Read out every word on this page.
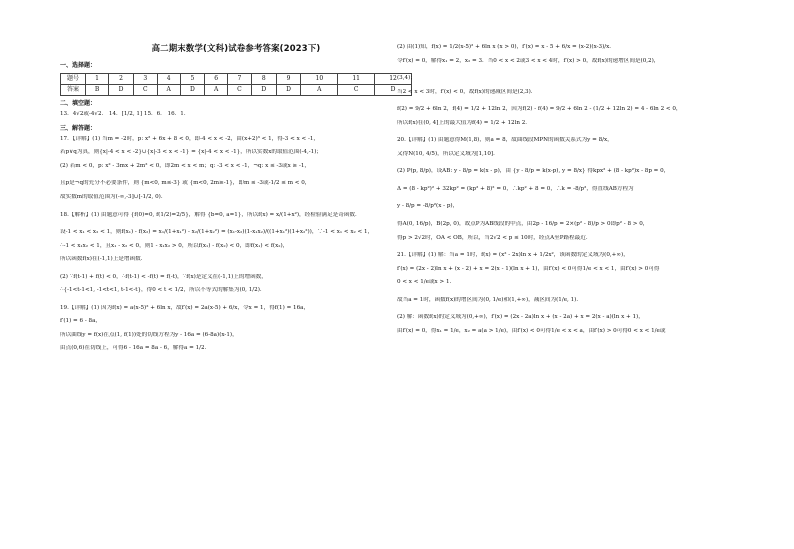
高二期末数学(文科)试卷参考答案(2023下)
一、选择题：
题号	1	2	3	4	5	6	7	8	9	10	11	12
答案	B	D	C	A	D	A	C	D	D	A	C	D
二、填空题：
13．4√2或-4√2． 14．[1/2, 1] 15．6． 16．1．
三、解答题：
17．【详解】(1) 当m = -2时，p: x² + 6x + 8 < 0，即-4 < x < -2，由(x+2)³ < 1，得-3 < x < -1，
若p∨q为真，则{x|-4 < x < -2}∪{x|-3 < x < -1} = {x|-4 < x < -1}，所以实数x的取值范围(-4,-1)；
(2) 若m < 0，p: x² - 3mx + 2m² < 0，即2m < x < m；q: -3 < x < -1，¬q: x ≤ -3或x ≥ -1，
且p是¬q的充分不必要条件，则 {m<0, m≤-3} 或 {m<0, 2m≥-1}，即m ≤ -3或-1/2 ≤ m < 0，
故实数m的取值范围为(-∞,-3]∪[-1/2, 0)．
18.【解析】(1) 由题意可得 {f(0)=0, f(1/2)=2/5}，解得 {b=0, a=1}，所以f(x) = x/(1+x²)，经检验满足是奇函数．
设-1 < x₁ < x₂ < 1，则f(x₁) - f(x₂) = x₁/(1+x₁²) - x₂/(1+x₂²) = (x₁-x₂)(1-x₁x₂)/((1+x₁²)(1+x₂²))，∵-1 < x₁ < x₂ < 1，
∴-1 < x₁x₂ < 1，且x₁ - x₂ < 0，则1 - x₁x₂ > 0，所以f(x₁) - f(x₂) < 0，即f(x₁) < f(x₂)，
所以函数f(x)在(-1,1)上是增函数．
(2) ∵f(t-1) + f(t) < 0，∴f(t-1) < -f(t) = f(-t)，∵f(x)是定义在(-1,1)上的增函数，
∴{-1<t-1<1, -1<t<1, t-1<-t}，得0 < t < 1/2，所以不等式的解集为(0, 1/2)．
19.【详解】(1) 因为f(x) = a(x-5)² + 6ln x，故f′(x) = 2a(x-5) + 6/x，令x = 1，得f(1) = 16a，
f′(1) = 6 - 8a，
所以曲线y = f(x)在点(1, f(1))处的切线方程为y - 16a = (6-8a)(x-1)，
由点(0,6)在切线上，可得6 - 16a = 8a - 6，解得a = 1/2．
(2) 由(1)知，f(x) = 1/2(x-5)² + 6ln x (x > 0)，f′(x) = x - 5 + 6/x = (x-2)(x-3)/x．
令f′(x) = 0，解得x₁ = 2，x₂ = 3．当0 < x < 2或3 < x < 4时，f′(x) > 0，故f(x)的递增区间是(0,2)，
(3,4)；
当2 < x < 3时，f′(x) < 0，故f(x)的递减区间是(2,3)．
f(2) = 9/2 + 6ln 2，f(4) = 1/2 + 12ln 2，因为f(2) - f(4) = 9/2 + 6ln 2 - (1/2 + 12ln 2) = 4 - 6ln 2 < 0，
所以f(x)在(0, 4]上的最大值为f(4) = 1/2 + 12ln 2．
20.【详解】(1) 由题意得M(1,8)，则a = 8，故曲线段MPN的函数关系式为y = 8/x，
又得N(10, 4/5)，所以定义域为[1,10]．
(2) P(p, 8/p)，设AB: y - 8/p = k(x - p)，由 {y - 8/p = k(x-p), y = 8/x} 得kpx² + (8 - kp²)x - 8p = 0，
Δ = (8 - kp²)² + 32kp² = (kp² + 8)² = 0，∴kp² + 8 = 0，∴k = -8/p²，得直线AB方程为
y - 8/p = -8/p²(x - p)，
得A(0, 16/p)，B(2p, 0)，故点P为AB线段的中点，由2p - 16/p = 2×(p² - 8)/p > 0即p² - 8 > 0，
得p > 2√2时，OA < OB，所以，当2√2 < p ≤ 10时，经点A至P路程最近．
21.【详解】(1) 解：当a = 1时，f(x) = (x² - 2x)ln x + 1/2x²，该函数的定义域为(0,+∞)，
f′(x) = (2x - 2)ln x + (x - 2) + x = 2(x - 1)(ln x + 1)，由f′(x) < 0可得1/e < x < 1，由f′(x) > 0可得
0 < x < 1/e或x > 1．
故当a = 1时，函数f(x)的增区间为(0, 1/e)和(1,+∞)，减区间为(1/e, 1)．
(2) 解：函数f(x)的定义域为(0,+∞)，f′(x) = (2x - 2a)ln x + (x - 2a) + x = 2(x - a)(ln x + 1)，
由f′(x) = 0，得x₁ = 1/e，x₂ = a(a > 1/e)，由f′(x) < 0可得1/e < x < a，由f′(x) > 0可得0 < x < 1/e或
